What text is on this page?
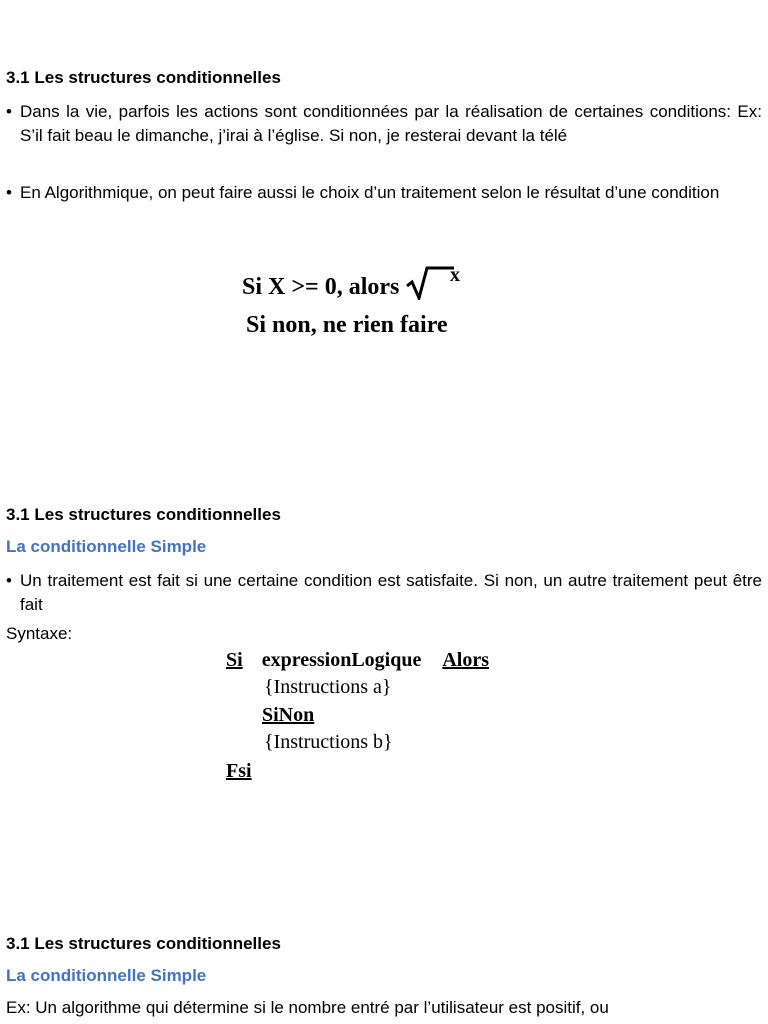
3.1 Les structures conditionnelles
• Dans la vie, parfois les actions sont conditionnées par la réalisation de certaines conditions: Ex: S’il fait beau le dimanche, j’irai à l’église. Si non, je resterai devant la télé
• En Algorithmique, on peut faire aussi le choix d’un traitement selon le résultat d’une condition
Si X >= 0, alors	x
Si non, ne rien faire
3.1 Les structures conditionnelles
La conditionnelle Simple
• Un traitement est fait si une certaine condition est satisfaite. Si non, un autre traitement peut être fait
Syntaxe:
Si expressionLogique Alors
{Instructions a}
SiNon
{Instructions b}
Fsi
3.1 Les structures conditionnelles
La conditionnelle Simple
Ex: Un algorithme qui détermine si le nombre entré par l’utilisateur est positif, ou
